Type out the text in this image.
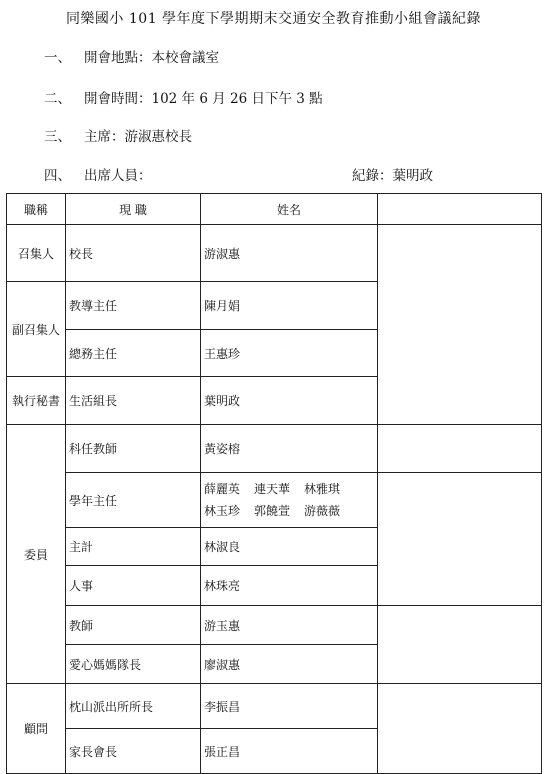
同樂國小 101 學年度下學期期末交通安全教育推動小組會議紀錄
一、 開會地點：本校會議室
二、 開會時間：102 年 6 月 26 日下午 3 點
三、 主席：游淑惠校長
四、 出席人員：	紀錄：葉明政
職稱	現 職	姓名	
召集人	校長	游淑惠	
副召集人	教導主任	陳月娟	
	總務主任	王惠珍	
執行秘書	生活組長	葉明政	
委員	科任教師	黃姿榕	
	學年主任	薛麗英 連天華 林雅琪
林玉珍 郭饒萱 游薇薇	
	主計	林淑良	
	人事	林珠亮	
	教師	游玉惠	
	愛心媽媽隊長	廖淑惠	
顧問	枕山派出所所長	李振昌	
	家長會長	張正昌	
